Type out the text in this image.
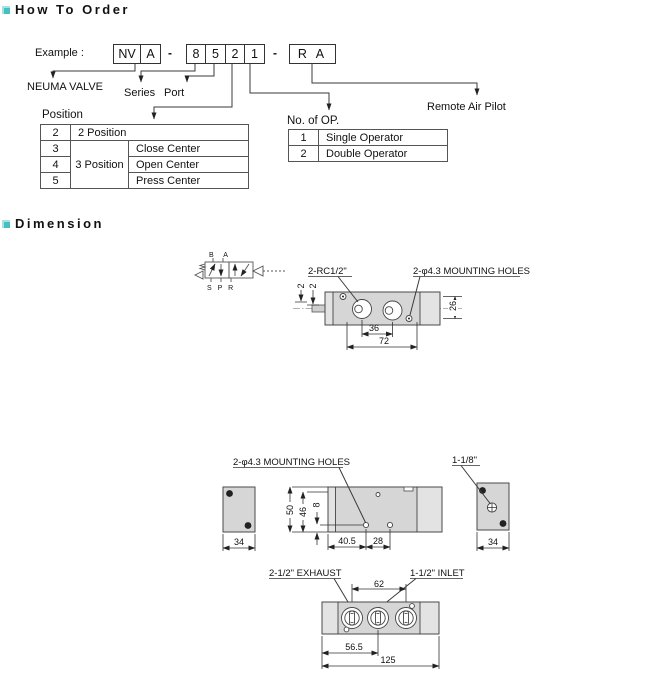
How To Order
Dimension
Example :	NV A	-	8	5	2	1	-	R A
NEUMA VALVE Series Port
Remote Air Pilot
Position
2	2 Position	
3	3 Position	Close Center
4		Open Center
5		Press Center
No. of OP.
1	Single Operator
2	Double Operator
B A
S P R
26
36
72
2 2
2-RC1/2"	2-φ4.3 MOUNTING HOLES
34
50 46
8
40.5 28
2-φ4.3 MOUNTING HOLES	1-1/8"
34
2-1/2" EXHAUST	1-1/2" INLET
62
56.5
125
